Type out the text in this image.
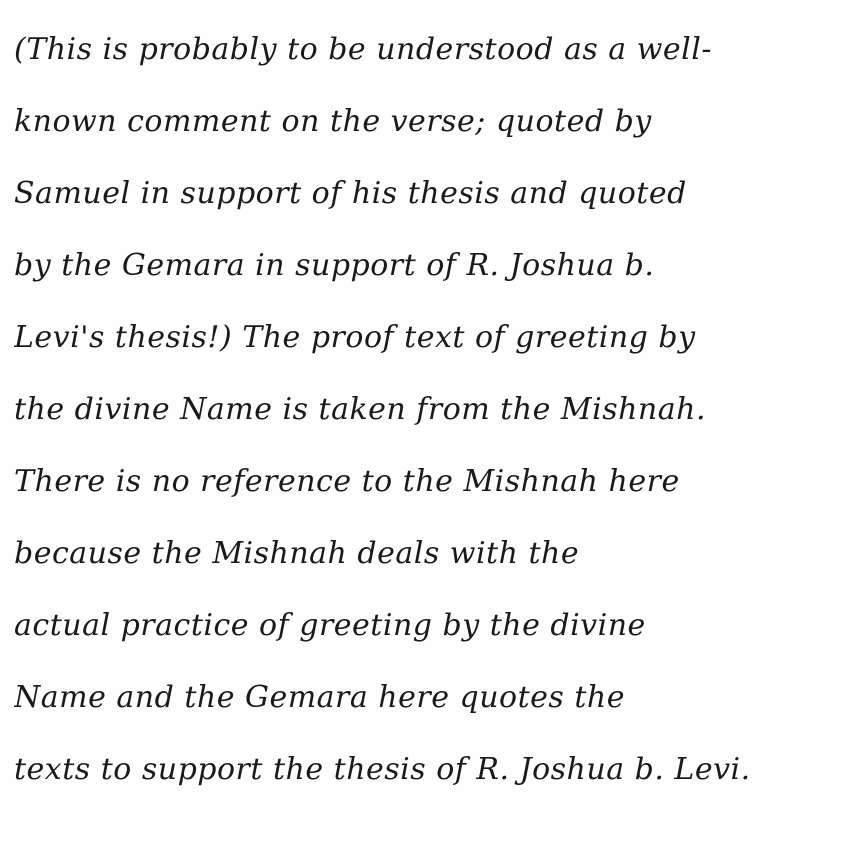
(This is probably to be understood as a well-
known comment on the verse; quoted by
Samuel in support of his thesis and quoted
by the Gemara in support of R. Joshua b.
Levi's thesis!) The proof text of greeting by
the divine Name is taken from the Mishnah.
There is no reference to the Mishnah here
because the Mishnah deals with the
actual practice of greeting by the divine
Name and the Gemara here quotes the
texts to support the thesis of R. Joshua b. Levi.
